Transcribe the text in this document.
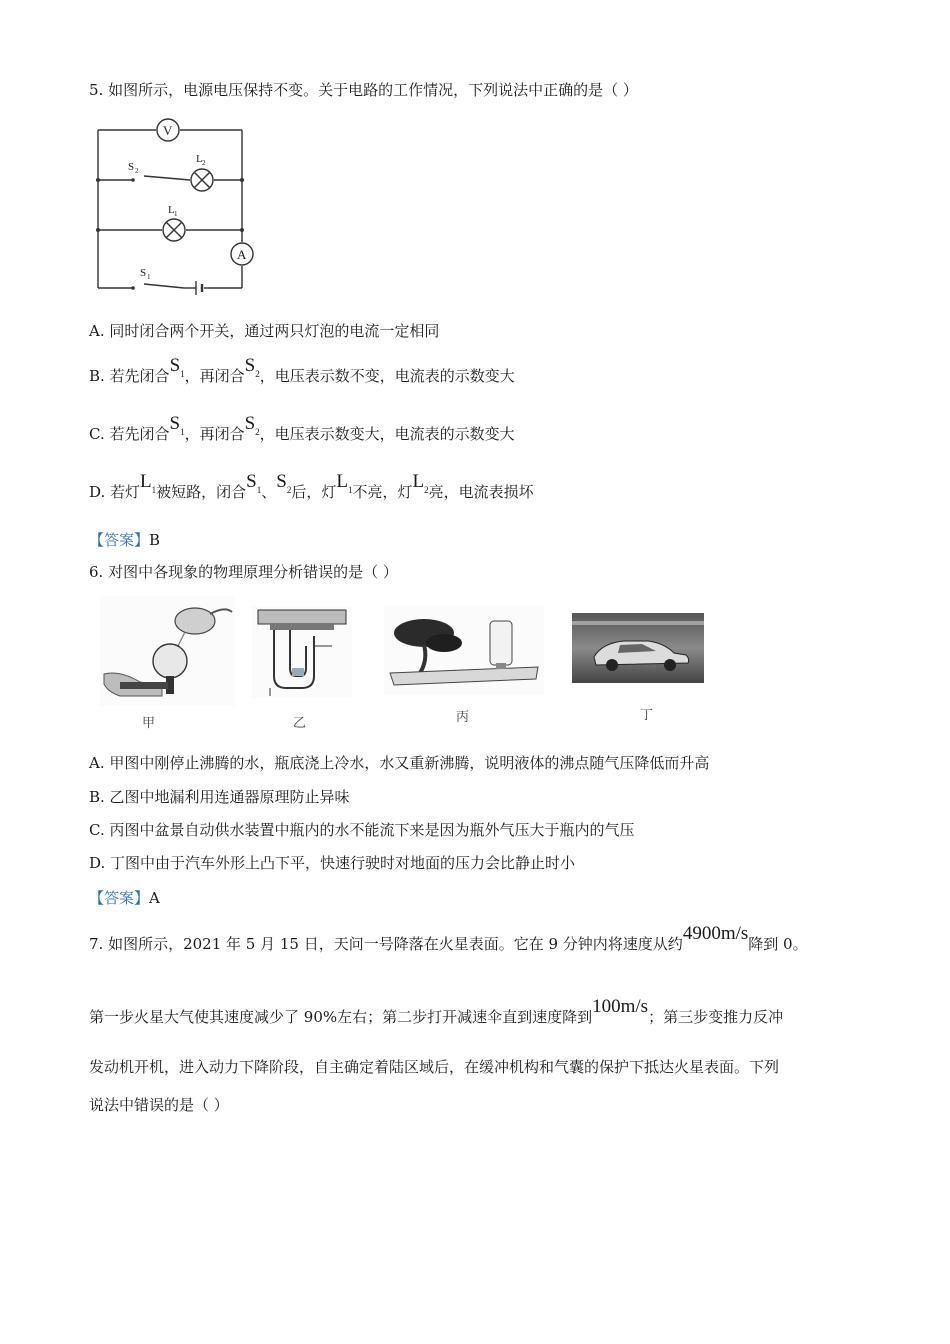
5. 如图所示，电源电压保持不变。关于电路的工作情况，下列说法中正确的是（ ）
V
A
S 2
L 2
L 1
S 1
A. 同时闭合两个开关，通过两只灯泡的电流一定相同
B. 若先闭合$S_1$，再闭合$S_2$，电压表示数不变，电流表的示数变大
C. 若先闭合$S_1$，再闭合$S_2$，电压表示数变大，电流表的示数变大
D. 若灯$L_1$被短路，闭合$S_1$、$S_2$后，灯$L_1$不亮，灯$L_2$亮，电流表损坏
【答案】B
6. 对图中各现象的物理原理分析错误的是（ ）
甲	乙	丙	丁
A. 甲图中刚停止沸腾的水，瓶底浇上冷水，水又重新沸腾，说明液体的沸点随气压降低而升高
B. 乙图中地漏利用连通器原理防止异味
C. 丙图中盆景自动供水装置中瓶内的水不能流下来是因为瓶外气压大于瓶内的气压
D. 丁图中由于汽车外形上凸下平，快速行驶时对地面的压力会比静止时小
【答案】A
7. 如图所示，2021 年 5 月 15 日，天问一号降落在火星表面。它在 9 分钟内将速度从约4900m/s降到 0。
第一步火星大气使其速度减少了 90%左右；第二步打开减速伞直到速度降到100m/s；第三步变推力反冲
发动机开机，进入动力下降阶段，自主确定着陆区域后，在缓冲机构和气囊的保护下抵达火星表面。下列
说法中错误的是（ ）
